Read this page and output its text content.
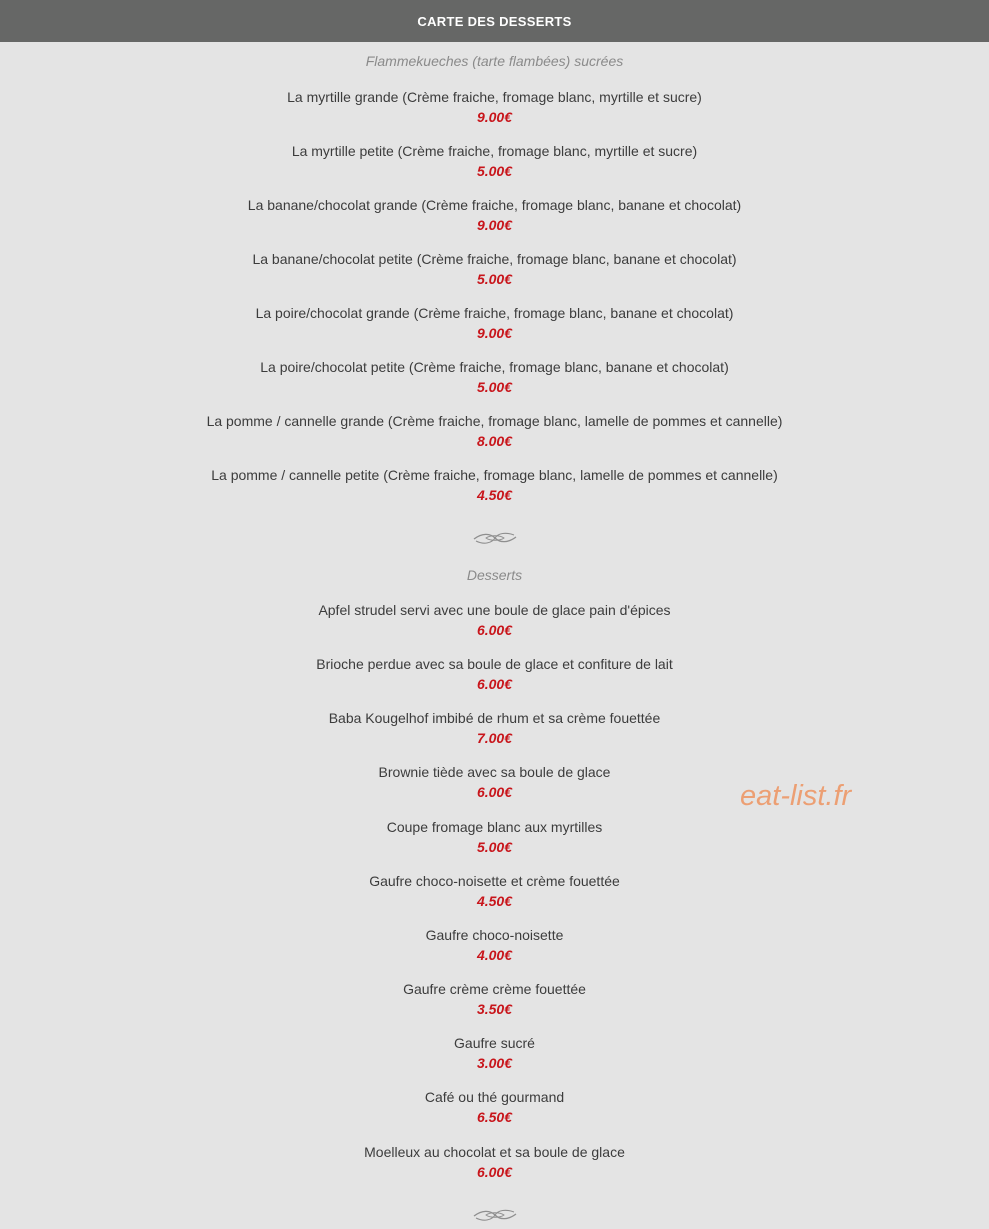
CARTE DES DESSERTS
Flammekueches (tarte flambées) sucrées
La myrtille grande (Crème fraiche, fromage blanc, myrtille et sucre)
9.00€
La myrtille petite (Crème fraiche, fromage blanc, myrtille et sucre)
5.00€
La banane/chocolat grande (Crème fraiche, fromage blanc, banane et chocolat)
9.00€
La banane/chocolat petite (Crème fraiche, fromage blanc, banane et chocolat)
5.00€
La poire/chocolat grande (Crème fraiche, fromage blanc, banane et chocolat)
9.00€
La poire/chocolat petite (Crème fraiche, fromage blanc, banane et chocolat)
5.00€
La pomme / cannelle grande (Crème fraiche, fromage blanc, lamelle de pommes et cannelle)
8.00€
La pomme / cannelle petite (Crème fraiche, fromage blanc, lamelle de pommes et cannelle)
4.50€
Desserts
Apfel strudel servi avec une boule de glace pain d'épices
6.00€
Brioche perdue avec sa boule de glace et confiture de lait
6.00€
Baba Kougelhof imbibé de rhum et sa crème fouettée
7.00€
Brownie tiède avec sa boule de glace
6.00€
Coupe fromage blanc aux myrtilles
5.00€
Gaufre choco-noisette et crème fouettée
4.50€
Gaufre choco-noisette
4.00€
Gaufre crème crème fouettée
3.50€
Gaufre sucré
3.00€
Café ou thé gourmand
6.50€
Moelleux au chocolat et sa boule de glace
6.00€
eat-list.fr
